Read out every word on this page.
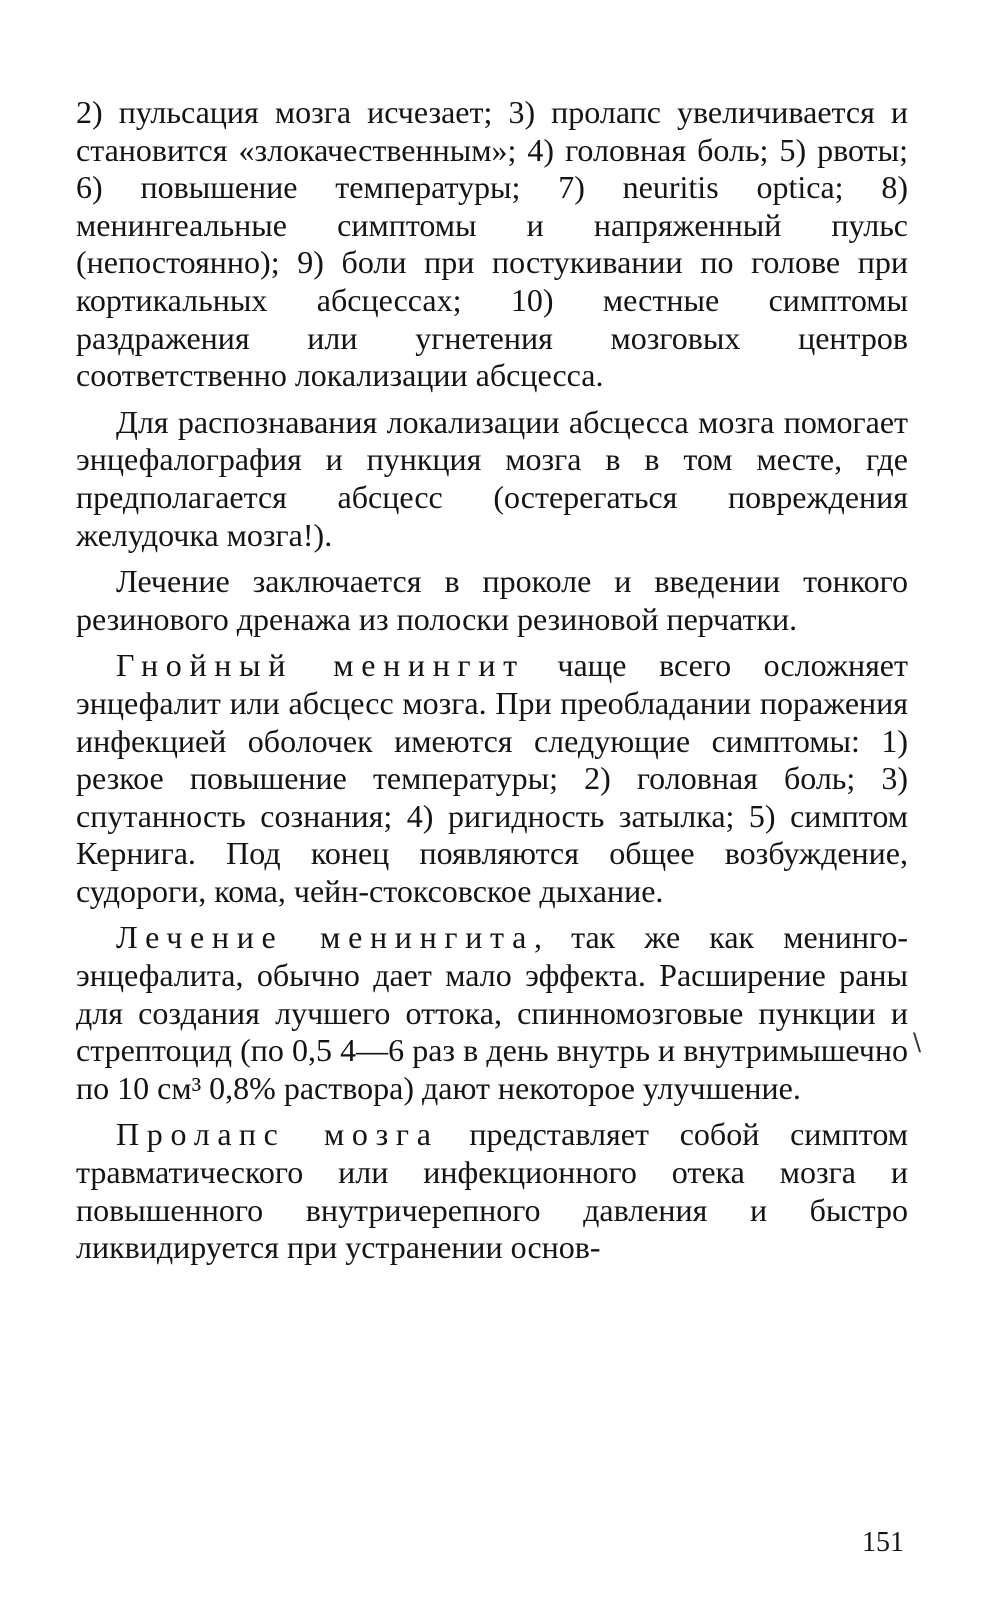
2) пульсация мозга исчезает; 3) пролапс увеличивается и становится «злокачественным»; 4) головная боль; 5) рвоты; 6) повышение температуры; 7) neuritis optica; 8) менингеальные симптомы и напряженный пульс (непостоянно); 9) боли при постукивании по голове при кортикальных абсцессах; 10) местные симптомы раздражения или угнетения мозговых центров соответственно локализации абсцесса.

Для распознавания локализации абсцесса мозга помогает энцефалография и пункция мозга в в том месте, где предполагается абсцесс (остерегаться повреждения желудочка мозга!).

Лечение заключается в проколе и введении тонкого резинового дренажа из полоски резиновой перчатки.

Гнойный менингит чаще всего осложняет энцефалит или абсцесс мозга. При преобладании поражения инфекцией оболочек имеются следующие симптомы: 1) резкое повышение температуры; 2) головная боль; 3) спутанность сознания; 4) ригидность затылка; 5) симптом Кернига. Под конец появляются общее возбуждение, судороги, кома, чейн-стоксовское дыхание.

Лечение менингита, так же как менинго-энцефалита, обычно дает мало эффекта. Расширение раны для создания лучшего оттока, спинномозговые пункции и стрептоцид (по 0,5 4—6 раз в день внутрь и внутримышечно по 10 см³ 0,8% раствора) дают некоторое улучшение.

Пролапс мозга представляет собой симптом травматического или инфекционного отека мозга и повышенного внутричерепного давления и быстро ликвидируется при устранении основ-

\
151
